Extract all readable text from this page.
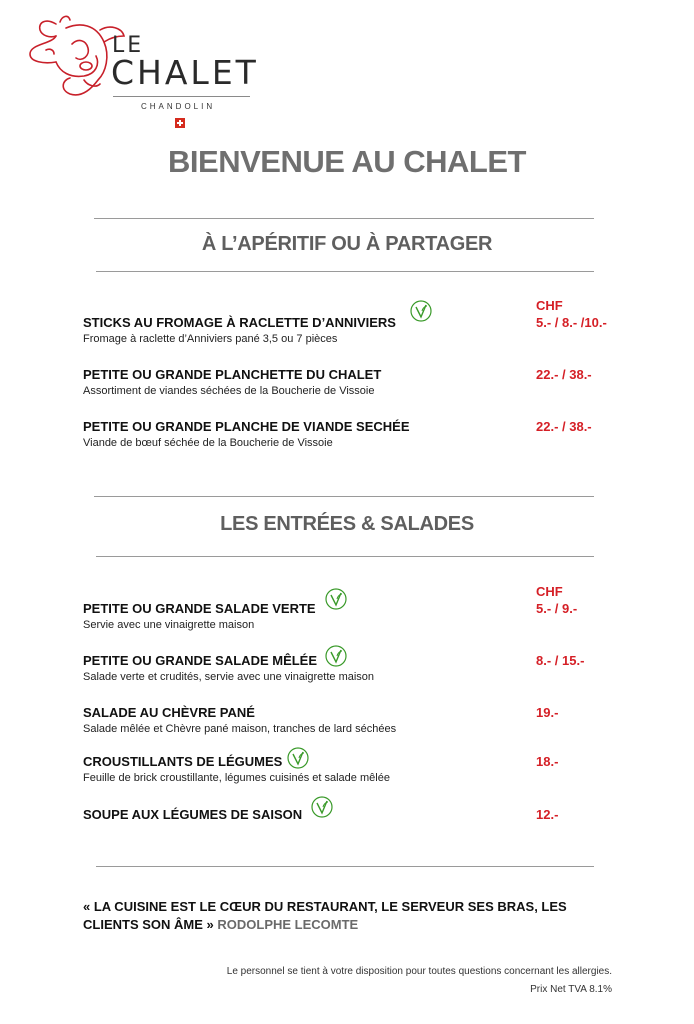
LE
CHALET
CHANDOLIN
BIENVENUE AU CHALET
À L’APÉRITIF OU À PARTAGER
CHF
STICKS AU FROMAGE À RACLETTE D’ANNIVIERS
Fromage à raclette d’Anniviers pané 3,5 ou 7 pièces
5.- / 8.- /10.-
PETITE OU GRANDE PLANCHETTE DU CHALET
Assortiment de viandes séchées de la Boucherie de Vissoie
22.- / 38.-
PETITE OU GRANDE PLANCHE DE VIANDE SECHÉE
Viande de bœuf séchée de la Boucherie de Vissoie
22.- / 38.-
LES ENTRÉES & SALADES
CHF
PETITE OU GRANDE SALADE VERTE
Servie avec une vinaigrette maison
5.- / 9.-
PETITE OU GRANDE SALADE MÊLÉE
Salade verte et crudités, servie avec une vinaigrette maison
8.- / 15.-
SALADE AU CHÈVRE PANÉ
Salade mêlée et Chèvre pané maison, tranches de lard séchées
19.-
CROUSTILLANTS DE LÉGUMES
Feuille de brick croustillante, légumes cuisinés et salade mêlée
18.-
SOUPE AUX LÉGUMES DE SAISON	12.-
« LA CUISINE EST LE CŒUR DU RESTAURANT, LE SERVEUR SES BRAS, LES CLIENTS SON ÂME » RODOLPHE LECOMTE
Le personnel se tient à votre disposition pour toutes questions concernant les allergies.
Prix Net TVA 8.1%
